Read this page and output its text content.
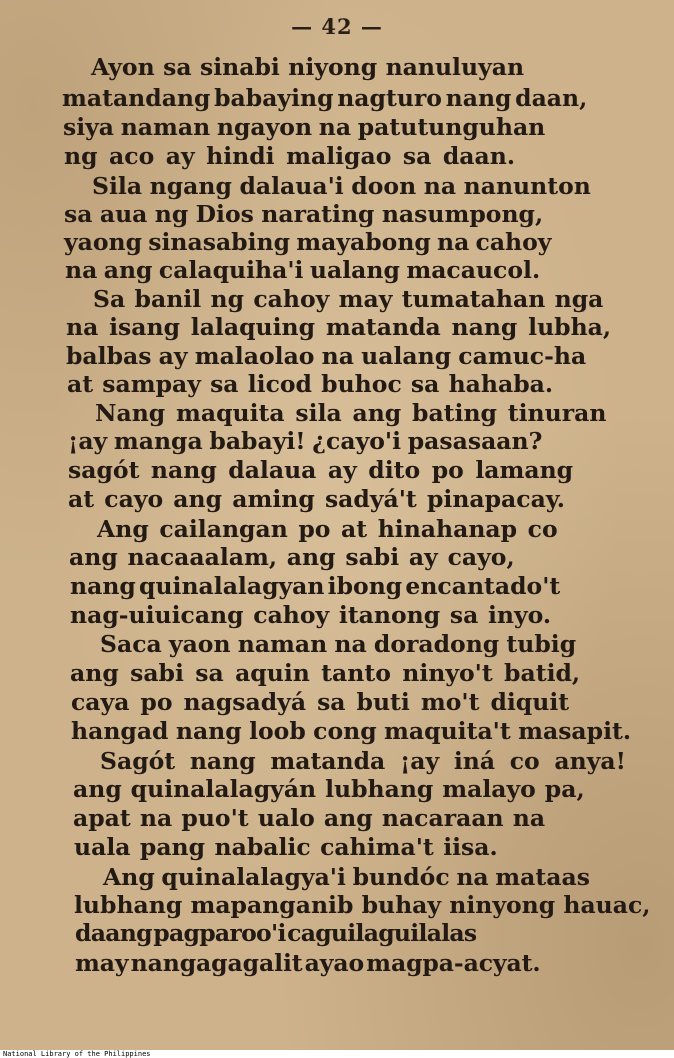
— 42 —
Ayon sa sinabi niyong nanuluyan
matandang babaying nagturo nang daan,
siya naman ngayon na patutunguhan
ng aco ay hindi maligao sa daan.
Sila ngang dalaua'i doon na nanunton
sa aua ng Dios narating nasumpong,
yaong sinasabing mayabong na cahoy
na ang calaquiha'i ualang macaucol.
Sa banil ng cahoy may tumatahan nga
na isang lalaquing matanda nang lubha,
balbas ay malaolao na ualang camuc-ha
at sampay sa licod buhoc sa hahaba.
Nang maquita sila ang bating tinuran
¡ay manga babayi! ¿cayo'i pasasaan?
sagót nang dalaua ay dito po lamang
at cayo ang aming sadyá't pinapacay.
Ang cailangan po at hinahanap co
ang nacaaalam, ang sabi ay cayo,
nang quinalalagyan ibong encantado't
nag-uiuicang cahoy itanong sa inyo.
Saca yaon naman na doradong tubig
ang sabi sa aquin tanto ninyo't batid,
caya po nagsadyá sa buti mo't diquit
hangad nang loob cong maquita't masapit.
Sagót nang matanda ¡ay iná co anya!
ang quinalalagyán lubhang malayo pa,
apat na puo't ualo ang nacaraan na
uala pang nabalic cahima't iisa.
Ang quinalalagya'i bundóc na mataas
lubhang mapanganib buhay ninyong hauac,
daang pagparoo'i caguilaguilalas
may nangagagalit ayao magpa-acyat.
National Library of the Philippines
